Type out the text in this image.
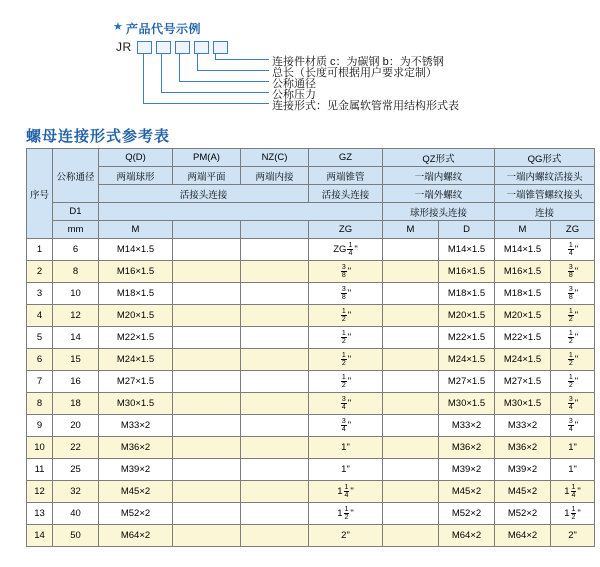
★ 产品代号示例
JR
连接件材质 c：为碳钢 b：为不锈钢
总长（长度可根据用户要求定制）
公称通径
公称压力
连接形式：见金属软管常用结构形式表
螺母连接形式参考表
序号	公称通径	Q(D)	PM(A)	NZ(C)	GZ	QZ形式		QG形式	
		两端球形	两端平面	两端内接	两端锥管	一端内螺纹		一端内螺纹活接头	
		活接头连接			活接头连接	一端外螺纹		一端锥管螺纹接头	
	D1					球形接头连接		连接	
	mm	M			ZG	M	D	M	ZG
1	6	M14×1.5			ZG $\frac{1}{4}$ "		M14×1.5	M14×1.5	$\frac{1}{4}$ "
2	8	M16×1.5			$\frac{3}{8}$ "		M16×1.5	M16×1.5	$\frac{3}{8}$ "
3	10	M18×1.5			$\frac{3}{8}$ "		M18×1.5	M18×1.5	$\frac{3}{8}$ "
4	12	M20×1.5			$\frac{1}{2}$ "		M20×1.5	M20×1.5	$\frac{1}{2}$ "
5	14	M22×1.5			$\frac{1}{2}$ "		M22×1.5	M22×1.5	$\frac{1}{2}$ "
6	15	M24×1.5			$\frac{1}{2}$ "		M24×1.5	M24×1.5	$\frac{1}{2}$ "
7	16	M27×1.5			$\frac{1}{2}$ "		M27×1.5	M27×1.5	$\frac{1}{2}$ "
8	18	M30×1.5			$\frac{3}{4}$ "		M30×1.5	M30×1.5	$\frac{3}{4}$ "
9	20	M33×2			$\frac{3}{4}$ "		M33×2	M33×2	$\frac{3}{4}$ "
10	22	M36×2			1"		M36×2	M36×2	1"
11	25	M39×2			1"		M39×2	M39×2	1"
12	32	M45×2			$1 \frac{1}{4}$ "		M45×2	M45×2	$1 \frac{1}{4}$ "
13	40	M52×2			$1 \frac{1}{2}$ "		M52×2	M52×2	$1 \frac{1}{2}$ "
14	50	M64×2			2"		M64×2	M64×2	2"
